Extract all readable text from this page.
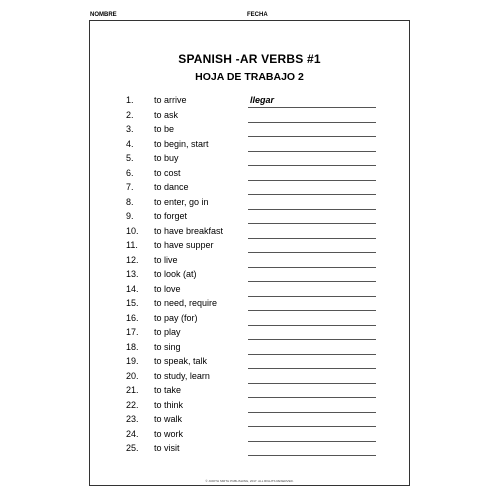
NOMBRE	FECHA
SPANISH -AR VERBS #1
HOJA DE TRABAJO 2
1.	to arrive	llegar
2.	to ask
3.	to be
4.	to begin, start
5.	to buy
6.	to cost
7.	to dance
8.	to enter, go in
9.	to forget
10.	to have breakfast
11.	to have supper
12.	to live
13.	to look (at)
14.	to love
15.	to need, require
16.	to pay (for)
17.	to play
18.	to sing
19.	to speak, talk
20.	to study, learn
21.	to take
22.	to think
23.	to walk
24.	to work
25.	to visit
© JUDITH SMITH PUBLISHING, 2017. ALL RIGHTS RESERVED.
